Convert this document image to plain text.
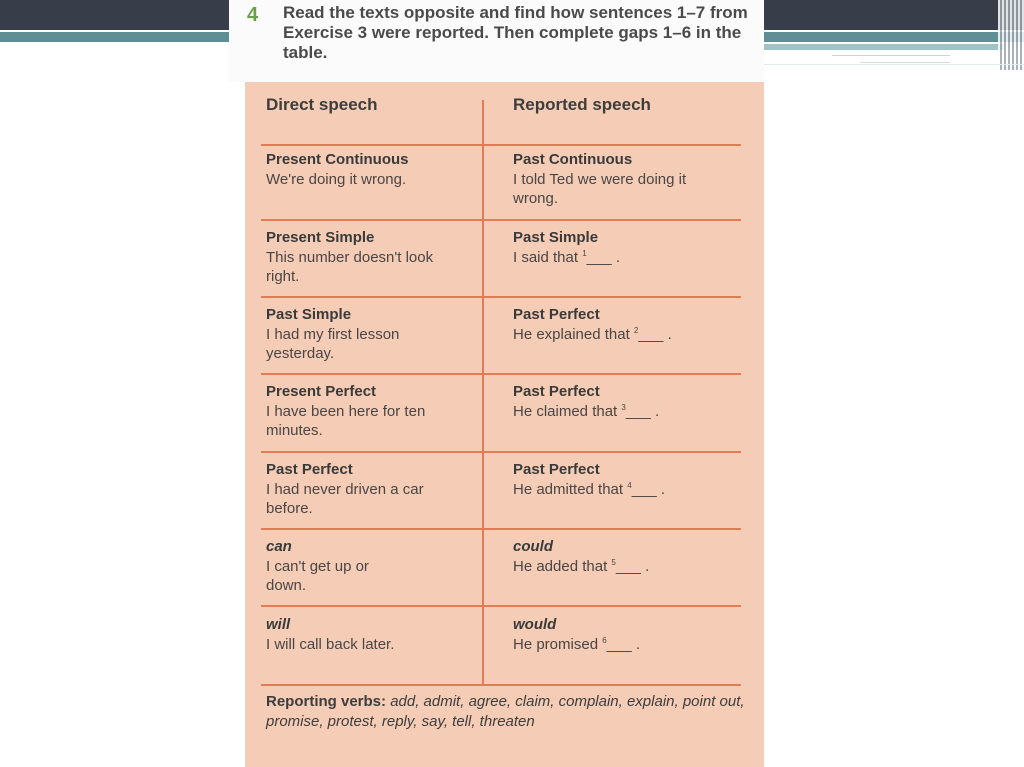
4 Read the texts opposite and find how sentences 1–7 from Exercise 3 were reported. Then complete gaps 1–6 in the table.
Direct speech	Reported speech
Present Continuous
We're doing it wrong.
Past Continuous
I told Ted we were doing it wrong.
Present Simple
This number doesn't look right.
Past Simple
I said that $^1$___ .
Past Simple
I had my first lesson yesterday.
Past Perfect
He explained that $^2$___ .
Present Perfect
I have been here for ten minutes.
Past Perfect
He claimed that $^3$___ .
Past Perfect
I had never driven a car before.
Past Perfect
He admitted that $^4$___ .
can
I can't get up or down.
could
He added that $^5$___ .
will
I will call back later.
would
He promised $^6$___ .
Reporting verbs: add, admit, agree, claim, complain, explain, point out, promise, protest, reply, say, tell, threaten
